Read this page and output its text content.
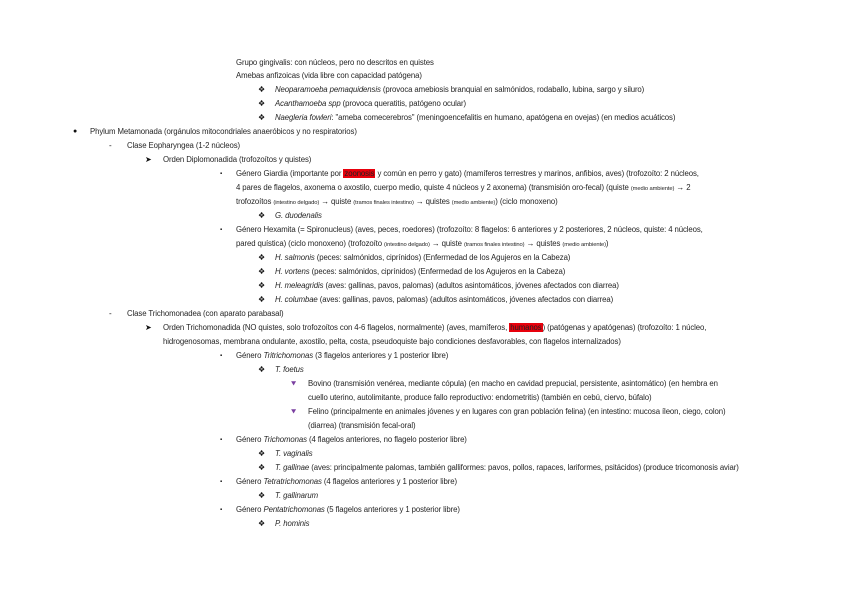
Grupo gingivalis: con núcleos, pero no descritos en quistes
Amebas anfizoicas (vida libre con capacidad patógena)
❖ Neoparamoeba pemaquidensis (provoca amebiosis branquial en salmónidos, rodaballo, lubina, sargo y siluro)
❖ Acanthamoeba spp (provoca queratitis, patógeno ocular)
❖ Naegleria fowleri: "ameba comecerebros" (meningoencefalitis en humano, apatógena en ovejas) (en medios acuáticos)
● Phylum Metamonada (orgánulos mitocondriales anaeróbicos y no respiratorios)
- Clase Eopharyngea (1-2 núcleos)
➤ Orden Diplomonadida (trofozoítos y quistes)
▪ Género Giardia (importante por zoonosis y común en perro y gato) (mamíferos terrestres y marinos, anfibios, aves) (trofozoíto: 2 núcleos,
4 pares de flagelos, axonema o axostilo, cuerpo medio, quiste 4 núcleos y 2 axonema) (transmisión oro-fecal) (quiste (medio ambiente) → 2
trofozoítos (intestino delgado) → quiste (tramos finales intestino) → quistes (medio ambiente)) (ciclo monoxeno)
❖ G. duodenalis
▪ Género Hexamita (= Spironucleus) (aves, peces, roedores) (trofozoíto: 8 flagelos: 6 anteriores y 2 posteriores, 2 núcleos, quiste: 4 núcleos,
pared quística) (ciclo monoxeno) (trofozoíto (intestino delgado) → quiste (tramos finales intestino) → quistes (medio ambiente))
❖ H. salmonis (peces: salmónidos, ciprínidos) (Enfermedad de los Agujeros en la Cabeza)
❖ H. vortens (peces: salmónidos, ciprínidos) (Enfermedad de los Agujeros en la Cabeza)
❖ H. meleagridis (aves: gallinas, pavos, palomas) (adultos asintomáticos, jóvenes afectados con diarrea)
❖ H. columbae (aves: gallinas, pavos, palomas) (adultos asintomáticos, jóvenes afectados con diarrea)
- Clase Trichomonadea (con aparato parabasal)
➤ Orden Trichomonadida (NO quistes, solo trofozoítos con 4-6 flagelos, normalmente) (aves, mamíferos, humanos) (patógenas y apatógenas) (trofozoíto: 1 núcleo,
hidrogenosomas, membrana ondulante, axostilo, pelta, costa, pseudoquiste bajo condiciones desfavorables, con flagelos internalizados)
▪ Género Tritrichomonas (3 flagelos anteriores y 1 posterior libre)
❖ T. foetus
⯆ Bovino (transmisión venérea, mediante cópula) (en macho en cavidad prepucial, persistente, asintomático) (en hembra en
cuello uterino, autolimitante, produce fallo reproductivo: endometritis) (también en cebú, ciervo, búfalo)
⯆ Felino (principalmente en animales jóvenes y en lugares con gran población felina) (en intestino: mucosa íleon, ciego, colon)
(diarrea) (transmisión fecal-oral)
▪ Género Trichomonas (4 flagelos anteriores, no flagelo posterior libre)
❖ T. vaginalis
❖ T. gallinae (aves: principalmente palomas, también galliformes: pavos, pollos, rapaces, lariformes, psitácidos) (produce tricomonosis aviar)
▪ Género Tetratrichomonas (4 flagelos anteriores y 1 posterior libre)
❖ T. gallinarum
▪ Género Pentatrichomonas (5 flagelos anteriores y 1 posterior libre)
❖ P. hominis
